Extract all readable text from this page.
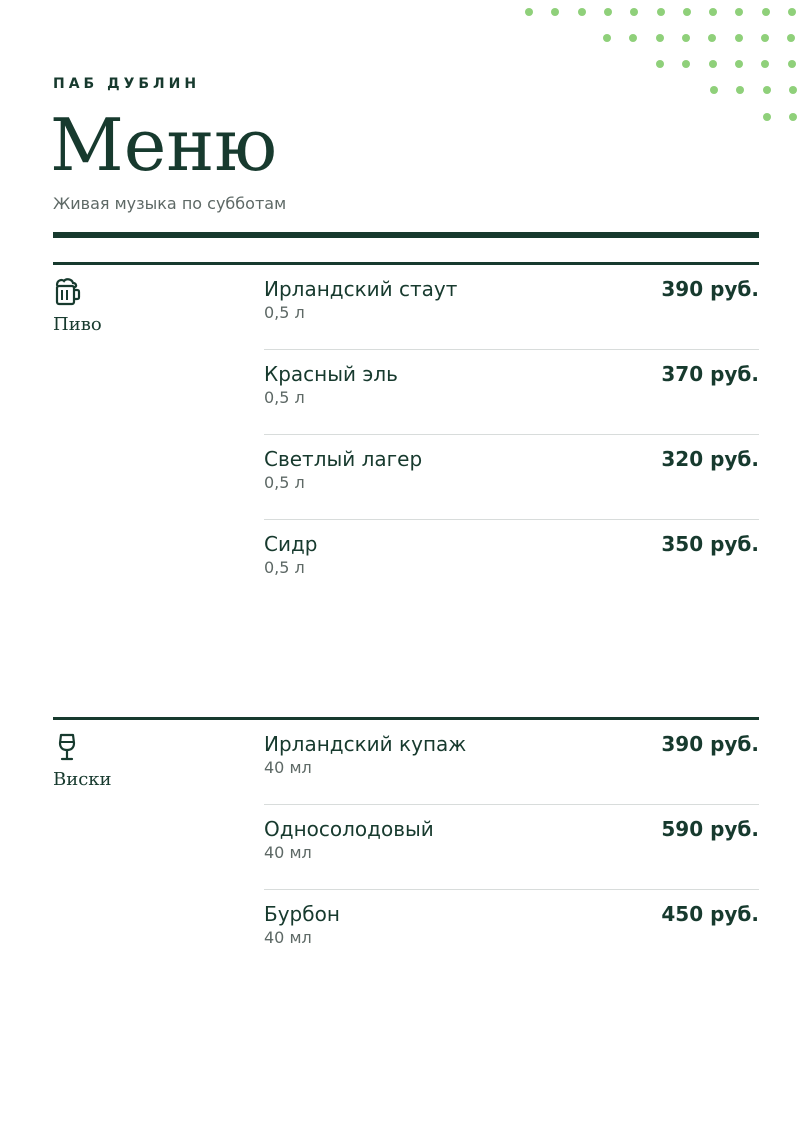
ПАБ ДУБЛИН
Меню
Живая музыка по субботам
Пиво
Ирландский стаут
0,5 л
390 руб.
Красный эль
0,5 л
370 руб.
Светлый лагер
0,5 л
320 руб.
Сидр
0,5 л
350 руб.
Виски
Ирландский купаж
40 мл
390 руб.
Односолодовый
40 мл
590 руб.
Бурбон
40 мл
450 руб.
